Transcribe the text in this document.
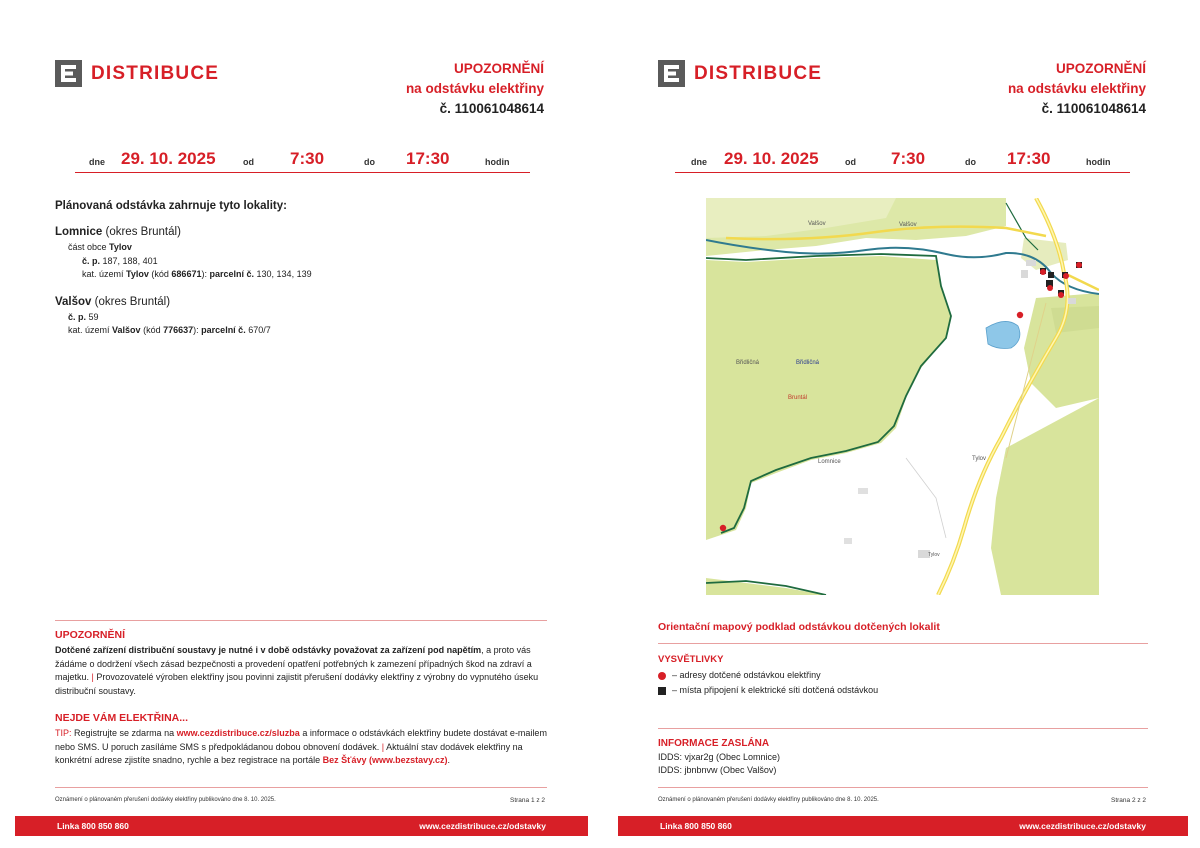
DISTRIBUCE	UPOZORNĚNÍ
na odstávku elektřiny
č. 110061048614
dne 29. 10. 2025	od 7:30	do 17:30	hodin
Plánovaná odstávka zahrnuje tyto lokality:
Lomnice (okres Bruntál)
část obce Tylov
č. p. 187, 188, 401
kat. území Tylov (kód 686671): parcelní č. 130, 134, 139
Valšov (okres Bruntál)
č. p. 59
kat. území Valšov (kód 776637): parcelní č. 670/7
UPOZORNĚNÍ

Dotčené zařízení distribuční soustavy je nutné i v době odstávky považovat za zařízení pod napětím, a proto vás žádáme o dodržení všech zásad bezpečnosti a provedení opatření potřebných k zamezení případných škod na zdraví a majetku. | Provozovatelé výroben elektřiny jsou povinni zajistit přerušení dodávky elektřiny z výrobny do vypnutého úseku distribuční soustavy.

NEJDE VÁM ELEKTŘINA...

TIP: Registrujte se zdarma na www.cezdistribuce.cz/sluzba a informace o odstávkách elektřiny budete dostávat e-mailem nebo SMS. U poruch zasíláme SMS s předpokládanou dobou obnovení dodávek. | Aktuální stav dodávek elektřiny na konkrétní adrese zjistíte snadno, rychle a bez registrace na portále Bez Šťávy (www.bezstavy.cz).

Oznámení o plánovaném přerušení dodávky elektřiny publikováno dne 8. 10. 2025.	Strana 1 z 2
Linka 800 850 860	www.cezdistribuce.cz/odstavky
DISTRIBUCE	UPOZORNĚNÍ
na odstávku elektřiny
č. 110061048614
dne 29. 10. 2025	od 7:30	do 17:30	hodin
Valšov	Valšov
Břidličná	Břidličná
Bruntál
Lomnice	Tylov
Tylov
Orientační mapový podklad odstávkou dotčených lokalit
VYSVĚTLIVKY
– adresy dotčené odstávkou elektřiny
– místa připojení k elektrické síti dotčená odstávkou
INFORMACE ZASLÁNA
IDDS: vjxar2g (Obec Lomnice)
IDDS: jbnbnvw (Obec Valšov)
Oznámení o plánovaném přerušení dodávky elektřiny publikováno dne 8. 10. 2025.	Strana 2 z 2
Linka 800 850 860	www.cezdistribuce.cz/odstavky
